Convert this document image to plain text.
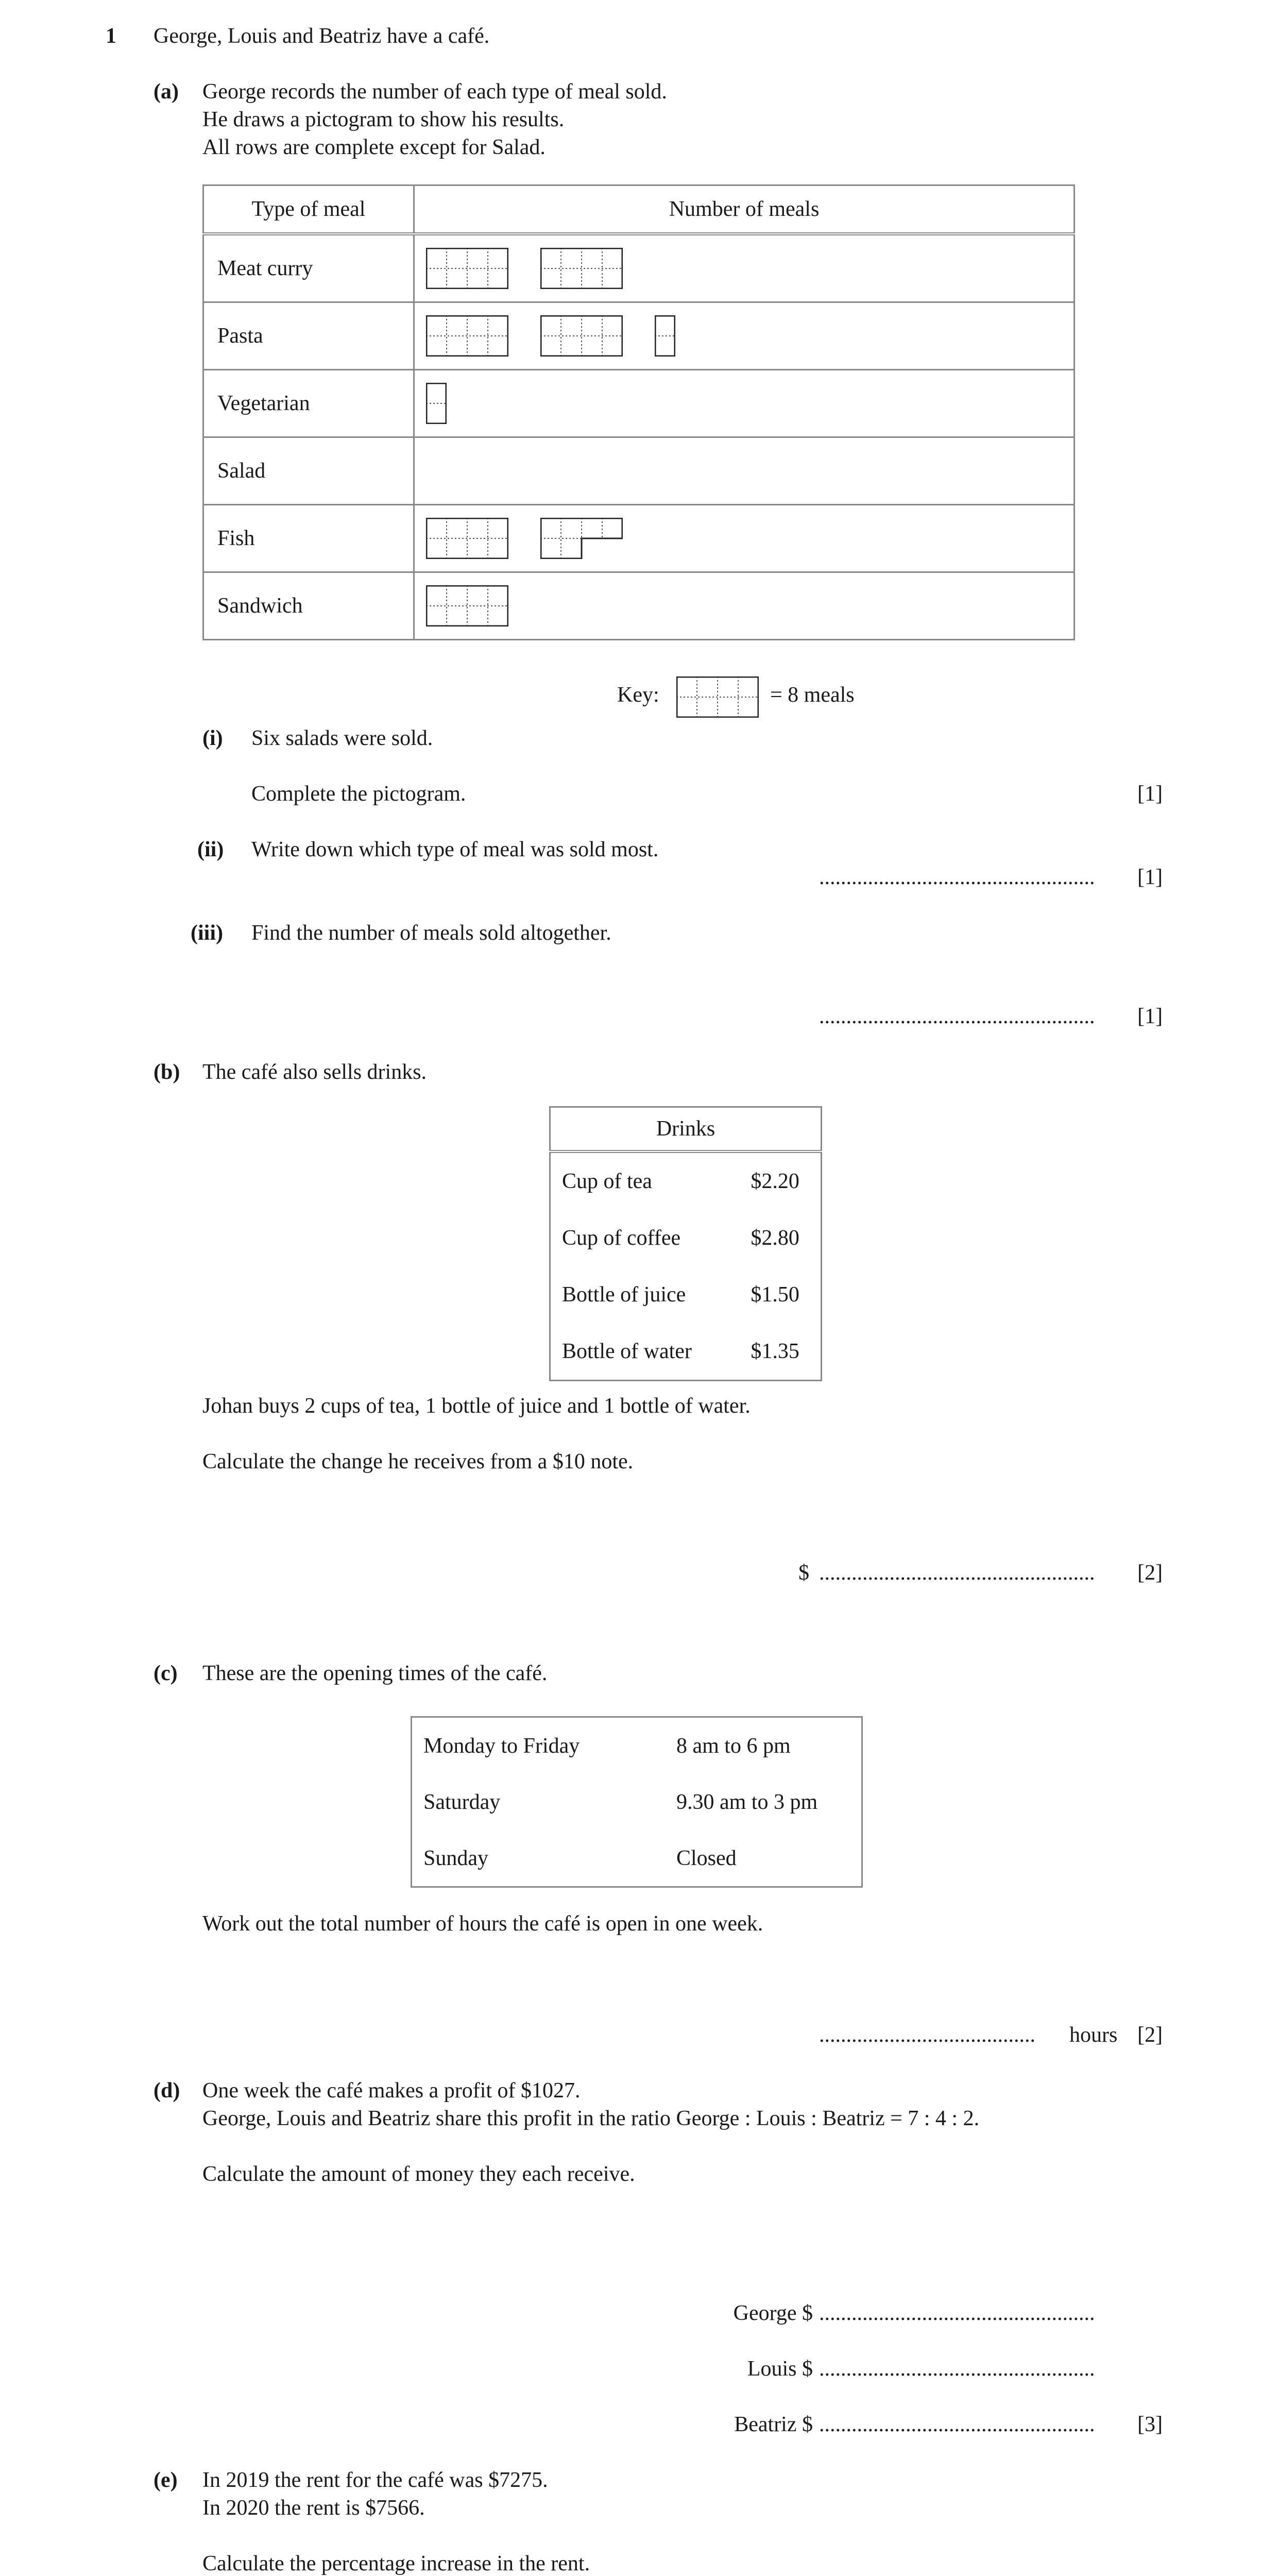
1 George, Louis and Beatriz have a café.
(a) George records the number of each type of meal sold.
He draws a pictogram to show his results.
All rows are complete except for Salad.
Type of meal	Number of meals
Meat curry	

Pasta	

Vegetarian	

Salad	
Fish	

Sandwich	
Key:	= 8 meals
(i) Six salads were sold.
Complete the pictogram.	[1]
(ii) Write down which type of meal was sold most.
................................................... [1]
(iii) Find the number of meals sold altogether.
................................................... [1]
(b) The café also sells drinks.
Drinks	
Cup of tea	$2.20
Cup of coffee	$2.80
Bottle of juice	$1.50
Bottle of water	$1.35
Johan buys 2 cups of tea, 1 bottle of juice and 1 bottle of water.
Calculate the change he receives from a $10 note.
$ ................................................... [2]
(c) These are the opening times of the café.
Monday to Friday	8 am to 6 pm
Saturday	9.30 am to 3 pm
Sunday	Closed
Work out the total number of hours the café is open in one week.
........................................ hours [2]
(d) One week the café makes a profit of $1027.
George, Louis and Beatriz share this profit in the ratio George : Louis : Beatriz = 7 : 4 : 2.
Calculate the amount of money they each receive.
George $ ...................................................
Louis $ ...................................................
Beatriz $ ................................................... [3]
(e) In 2019 the rent for the café was $7275.
In 2020 the rent is $7566.
Calculate the percentage increase in the rent.
